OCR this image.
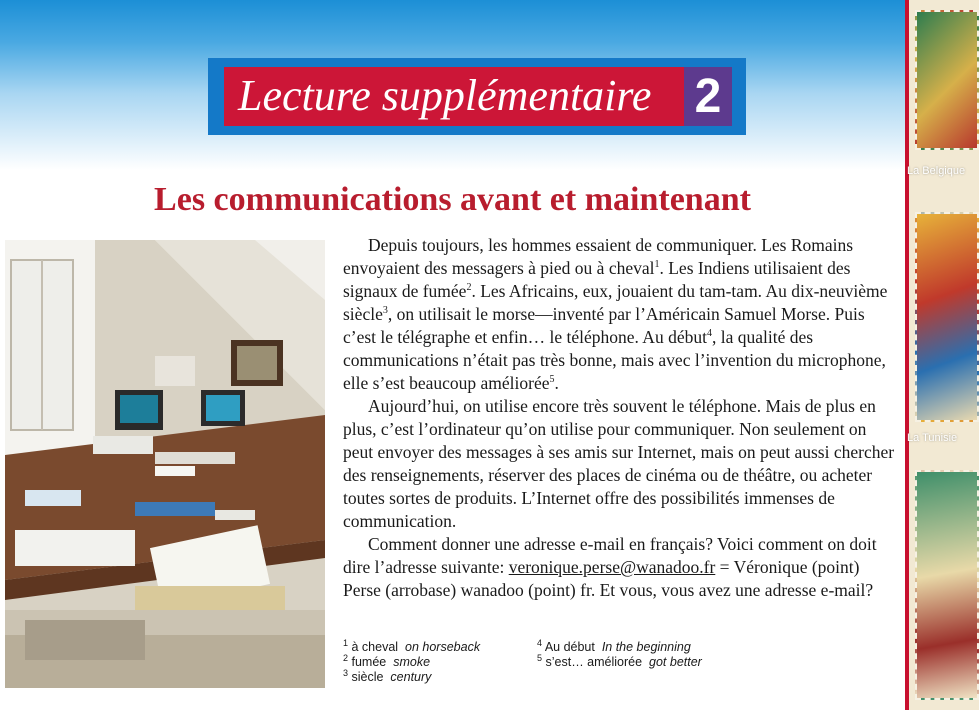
Lecture supplémentaire 2
Les communications avant et maintenant

Depuis toujours, les hommes essaient de communiquer. Les Romains envoyaient des messagers à pied ou à cheval$^1$. Les Indiens utilisaient des signaux de fumée$^2$. Les Africains, eux, jouaient du tam-tam. Au dix-neuvième siècle$^3$, on utilisait le morse—inventé par l’Américain Samuel Morse. Puis c’est le télégraphe et enfin… le téléphone. Au début$^4$, la qualité des communications n’était pas très bonne, mais avec l’invention du microphone, elle s’est beaucoup améliorée$^5$.

Aujourd’hui, on utilise encore très souvent le téléphone. Mais de plus en plus, c’est l’ordinateur qu’on utilise pour communiquer. Non seulement on peut envoyer des messages à ses amis sur Internet, mais on peut aussi chercher des renseignements, réserver des places de cinéma ou de théâtre, ou acheter toutes sortes de produits. L’Internet offre des possibilités immenses de communication.

Comment donner une adresse e-mail en français? Voici comment on doit dire l’adresse suivante: veronique.perse@wanadoo.fr = Véronique (point) Perse (arrobase) wanadoo (point) fr. Et vous, vous avez une adresse e-mail?

$^1$ à cheval on horseback
$^2$ fumée smoke
$^3$ siècle century
$^4$ Au début In the beginning
$^5$ s’est… améliorée got better
La Belgique
La Tunisie
